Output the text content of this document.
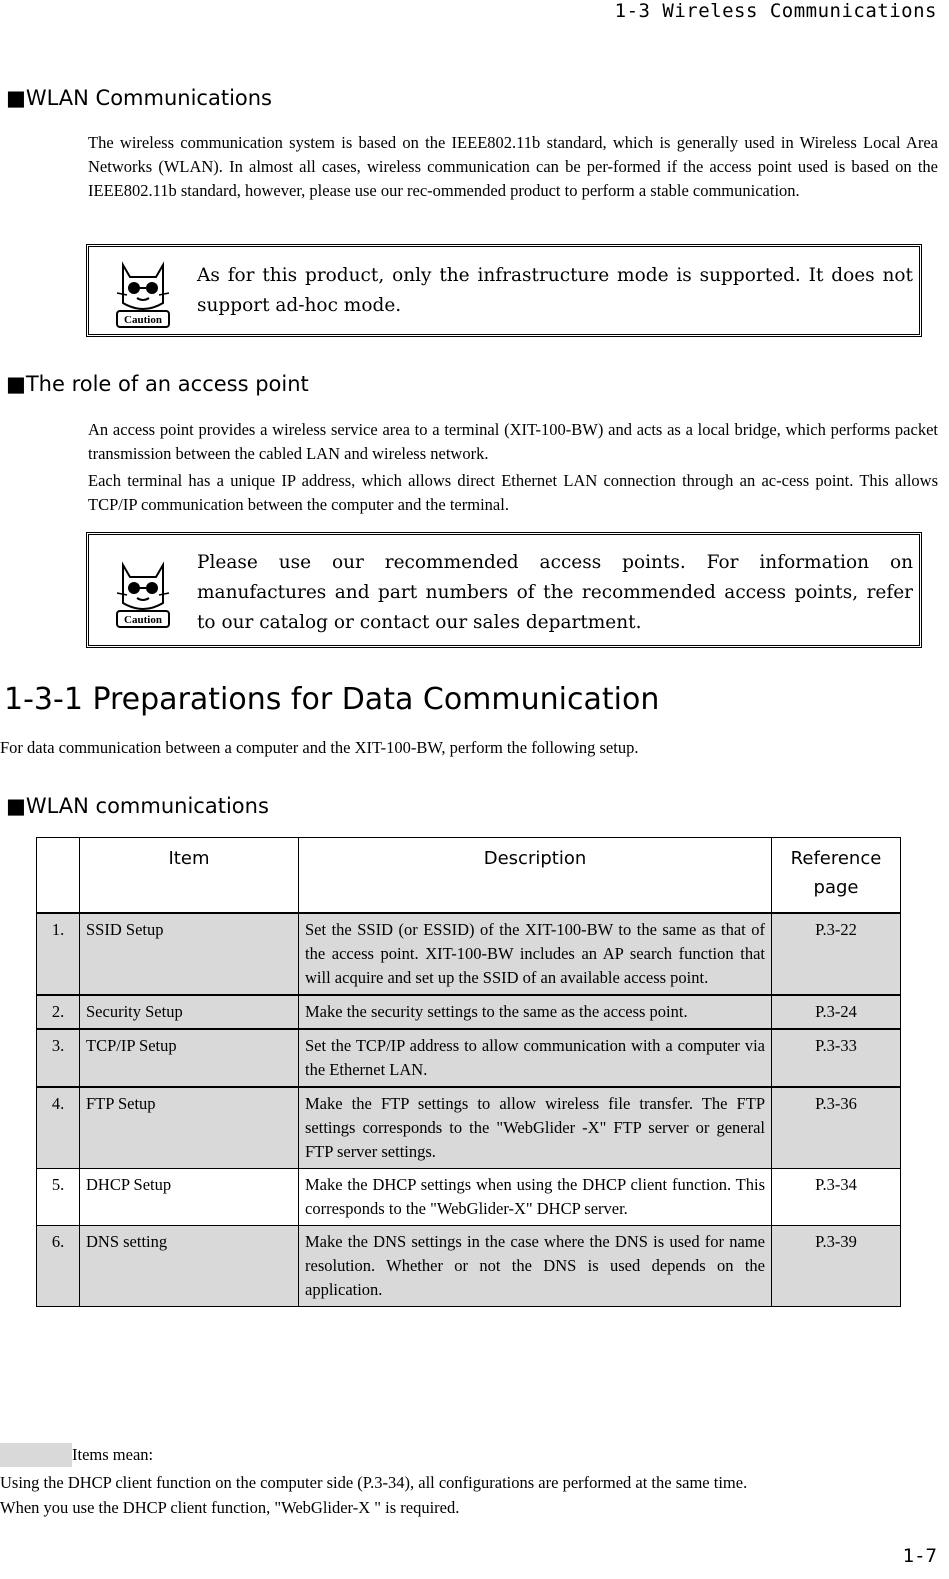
1-3 Wireless Communications
■WLAN Communications

The wireless communication system is based on the IEEE802.11b standard, which is generally used in Wireless Local Area Networks (WLAN). In almost all cases, wireless communication can be per-formed if the access point used is based on the IEEE802.11b standard, however, please use our rec-ommended product to perform a stable communication.

Caution
As for this product, only the infrastructure mode is supported. It does not support ad-hoc mode.
■The role of an access point

An access point provides a wireless service area to a terminal (XIT-100-BW) and acts as a local bridge, which performs packet transmission between the cabled LAN and wireless network.

Each terminal has a unique IP address, which allows direct Ethernet LAN connection through an ac-cess point. This allows TCP/IP communication between the computer and the terminal.

Caution
Please use our recommended access points. For information on manufactures and part numbers of the recommended access points, refer to our catalog or contact our sales department.
1-3-1 Preparations for Data Communication
For data communication between a computer and the XIT-100-BW, perform the following setup.
■WLAN communications
	Item	Description	Reference page
1.	SSID Setup	Set the SSID (or ESSID) of the XIT-100-BW to the same as that of the access point. XIT-100-BW includes an AP search function that will acquire and set up the SSID of an available access point.	P.3-22
2.	Security Setup	Make the security settings to the same as the access point.	P.3-24
3.	TCP/IP Setup	Set the TCP/IP address to allow communication with a computer via the Ethernet LAN.	P.3-33
4.	FTP Setup	Make the FTP settings to allow wireless file transfer. The FTP settings corresponds to the "WebGlider -X" FTP server or general FTP server settings.	P.3-36
5.	DHCP Setup	Make the DHCP settings when using the DHCP client function. This corresponds to the "WebGlider-X" DHCP server.	P.3-34
6.	DNS setting	Make the DNS settings in the case where the DNS is used for name resolution. Whether or not the DNS is used depends on the application.	P.3-39
Items mean:
Using the DHCP client function on the computer side (P.3-34), all configurations are performed at the same time.
When you use the DHCP client function, "WebGlider-X " is required.
1-7
